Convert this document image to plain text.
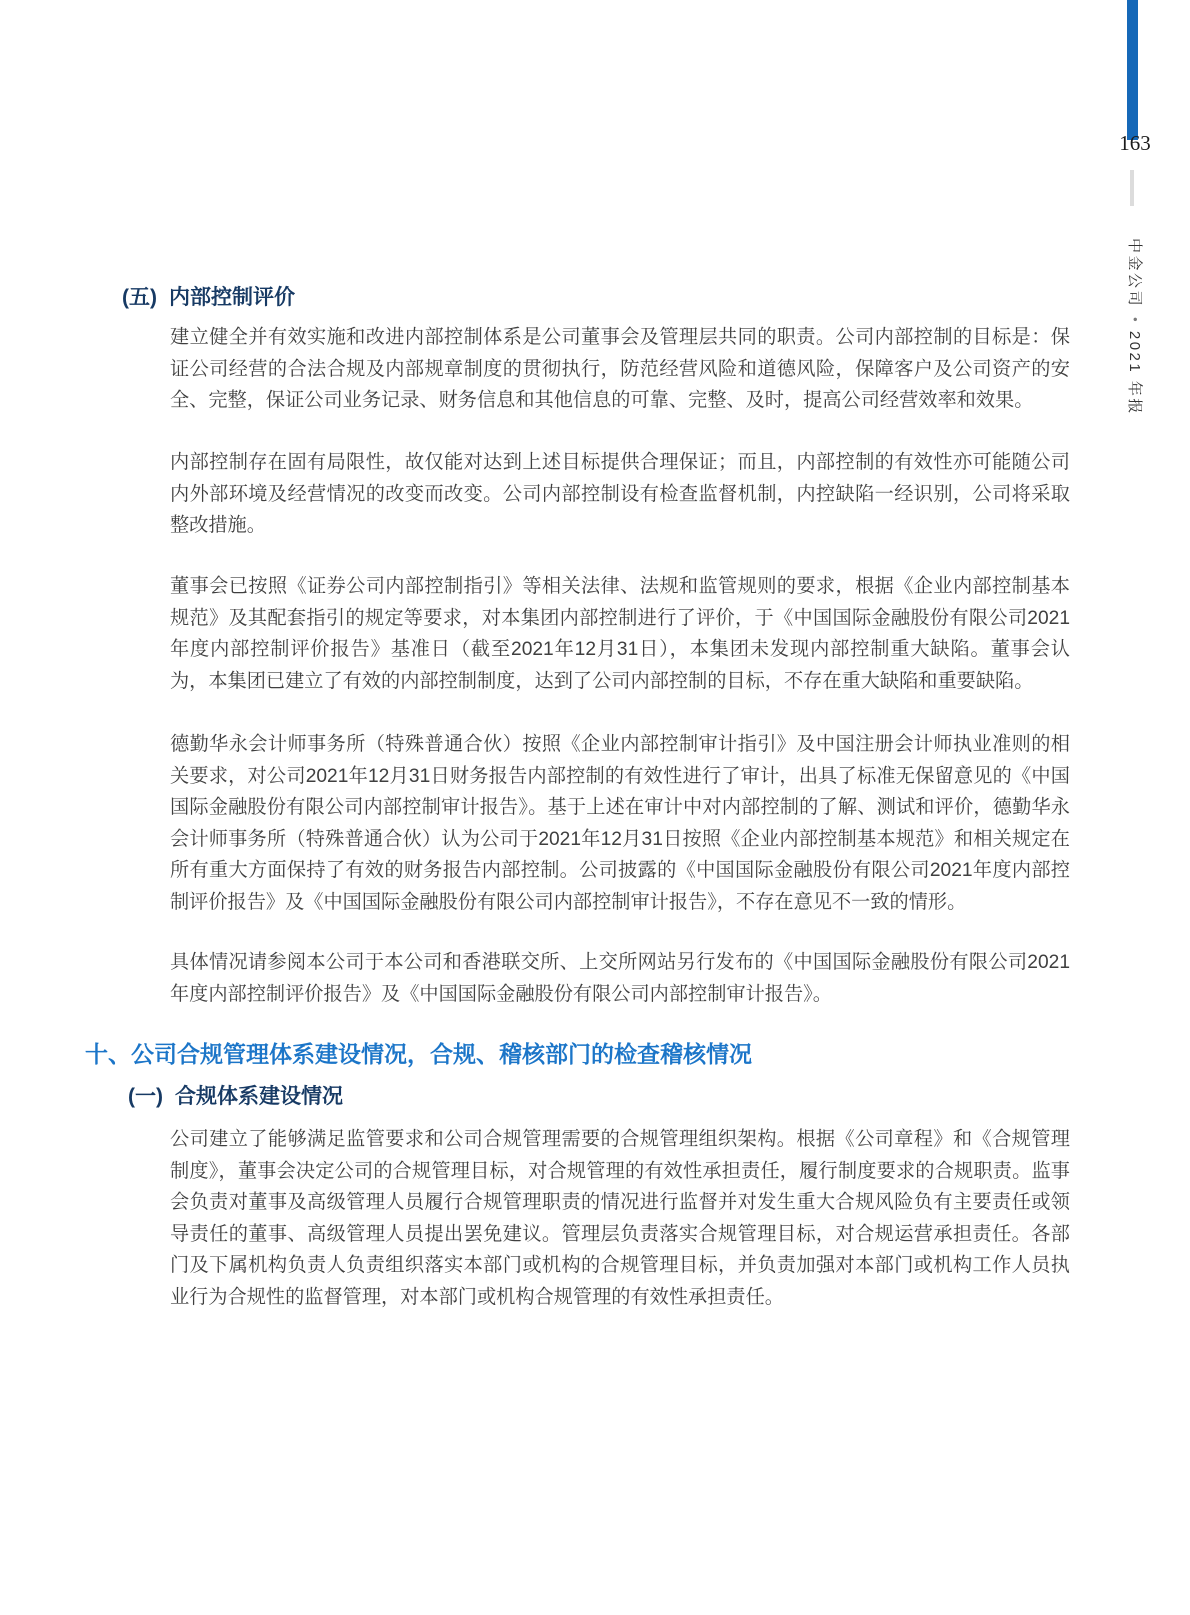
163
中金公司●2021 年报
(五) 内部控制评价

建立健全并有效实施和改进内部控制体系是公司董事会及管理层共同的职责。公司内部控制的目标是：保证公司经营的合法合规及内部规章制度的贯彻执行，防范经营风险和道德风险，保障客户及公司资产的安全、完整，保证公司业务记录、财务信息和其他信息的可靠、完整、及时，提高公司经营效率和效果。

内部控制存在固有局限性，故仅能对达到上述目标提供合理保证；而且，内部控制的有效性亦可能随公司内外部环境及经营情况的改变而改变。公司内部控制设有检查监督机制，内控缺陷一经识别，公司将采取整改措施。

董事会已按照《证券公司内部控制指引》等相关法律、法规和监管规则的要求，根据《企业内部控制基本规范》及其配套指引的规定等要求，对本集团内部控制进行了评价，于《中国国际金融股份有限公司2021年度内部控制评价报告》基准日（截至2021年12月31日），本集团未发现内部控制重大缺陷。董事会认为，本集团已建立了有效的内部控制制度，达到了公司内部控制的目标，不存在重大缺陷和重要缺陷。

德勤华永会计师事务所（特殊普通合伙）按照《企业内部控制审计指引》及中国注册会计师执业准则的相关要求，对公司2021年12月31日财务报告内部控制的有效性进行了审计，出具了标准无保留意见的《中国国际金融股份有限公司内部控制审计报告》。基于上述在审计中对内部控制的了解、测试和评价，德勤华永会计师事务所（特殊普通合伙）认为公司于2021年12月31日按照《企业内部控制基本规范》和相关规定在所有重大方面保持了有效的财务报告内部控制。公司披露的《中国国际金融股份有限公司2021年度内部控制评价报告》及《中国国际金融股份有限公司内部控制审计报告》，不存在意见不一致的情形。

具体情况请参阅本公司于本公司和香港联交所、上交所网站另行发布的《中国国际金融股份有限公司2021年度内部控制评价报告》及《中国国际金融股份有限公司内部控制审计报告》。

十、公司合规管理体系建设情况，合规、稽核部门的检查稽核情况
(一) 合规体系建设情况

公司建立了能够满足监管要求和公司合规管理需要的合规管理组织架构。根据《公司章程》和《合规管理制度》，董事会决定公司的合规管理目标，对合规管理的有效性承担责任，履行制度要求的合规职责。监事会负责对董事及高级管理人员履行合规管理职责的情况进行监督并对发生重大合规风险负有主要责任或领导责任的董事、高级管理人员提出罢免建议。管理层负责落实合规管理目标，对合规运营承担责任。各部门及下属机构负责人负责组织落实本部门或机构的合规管理目标，并负责加强对本部门或机构工作人员执业行为合规性的监督管理，对本部门或机构合规管理的有效性承担责任。
